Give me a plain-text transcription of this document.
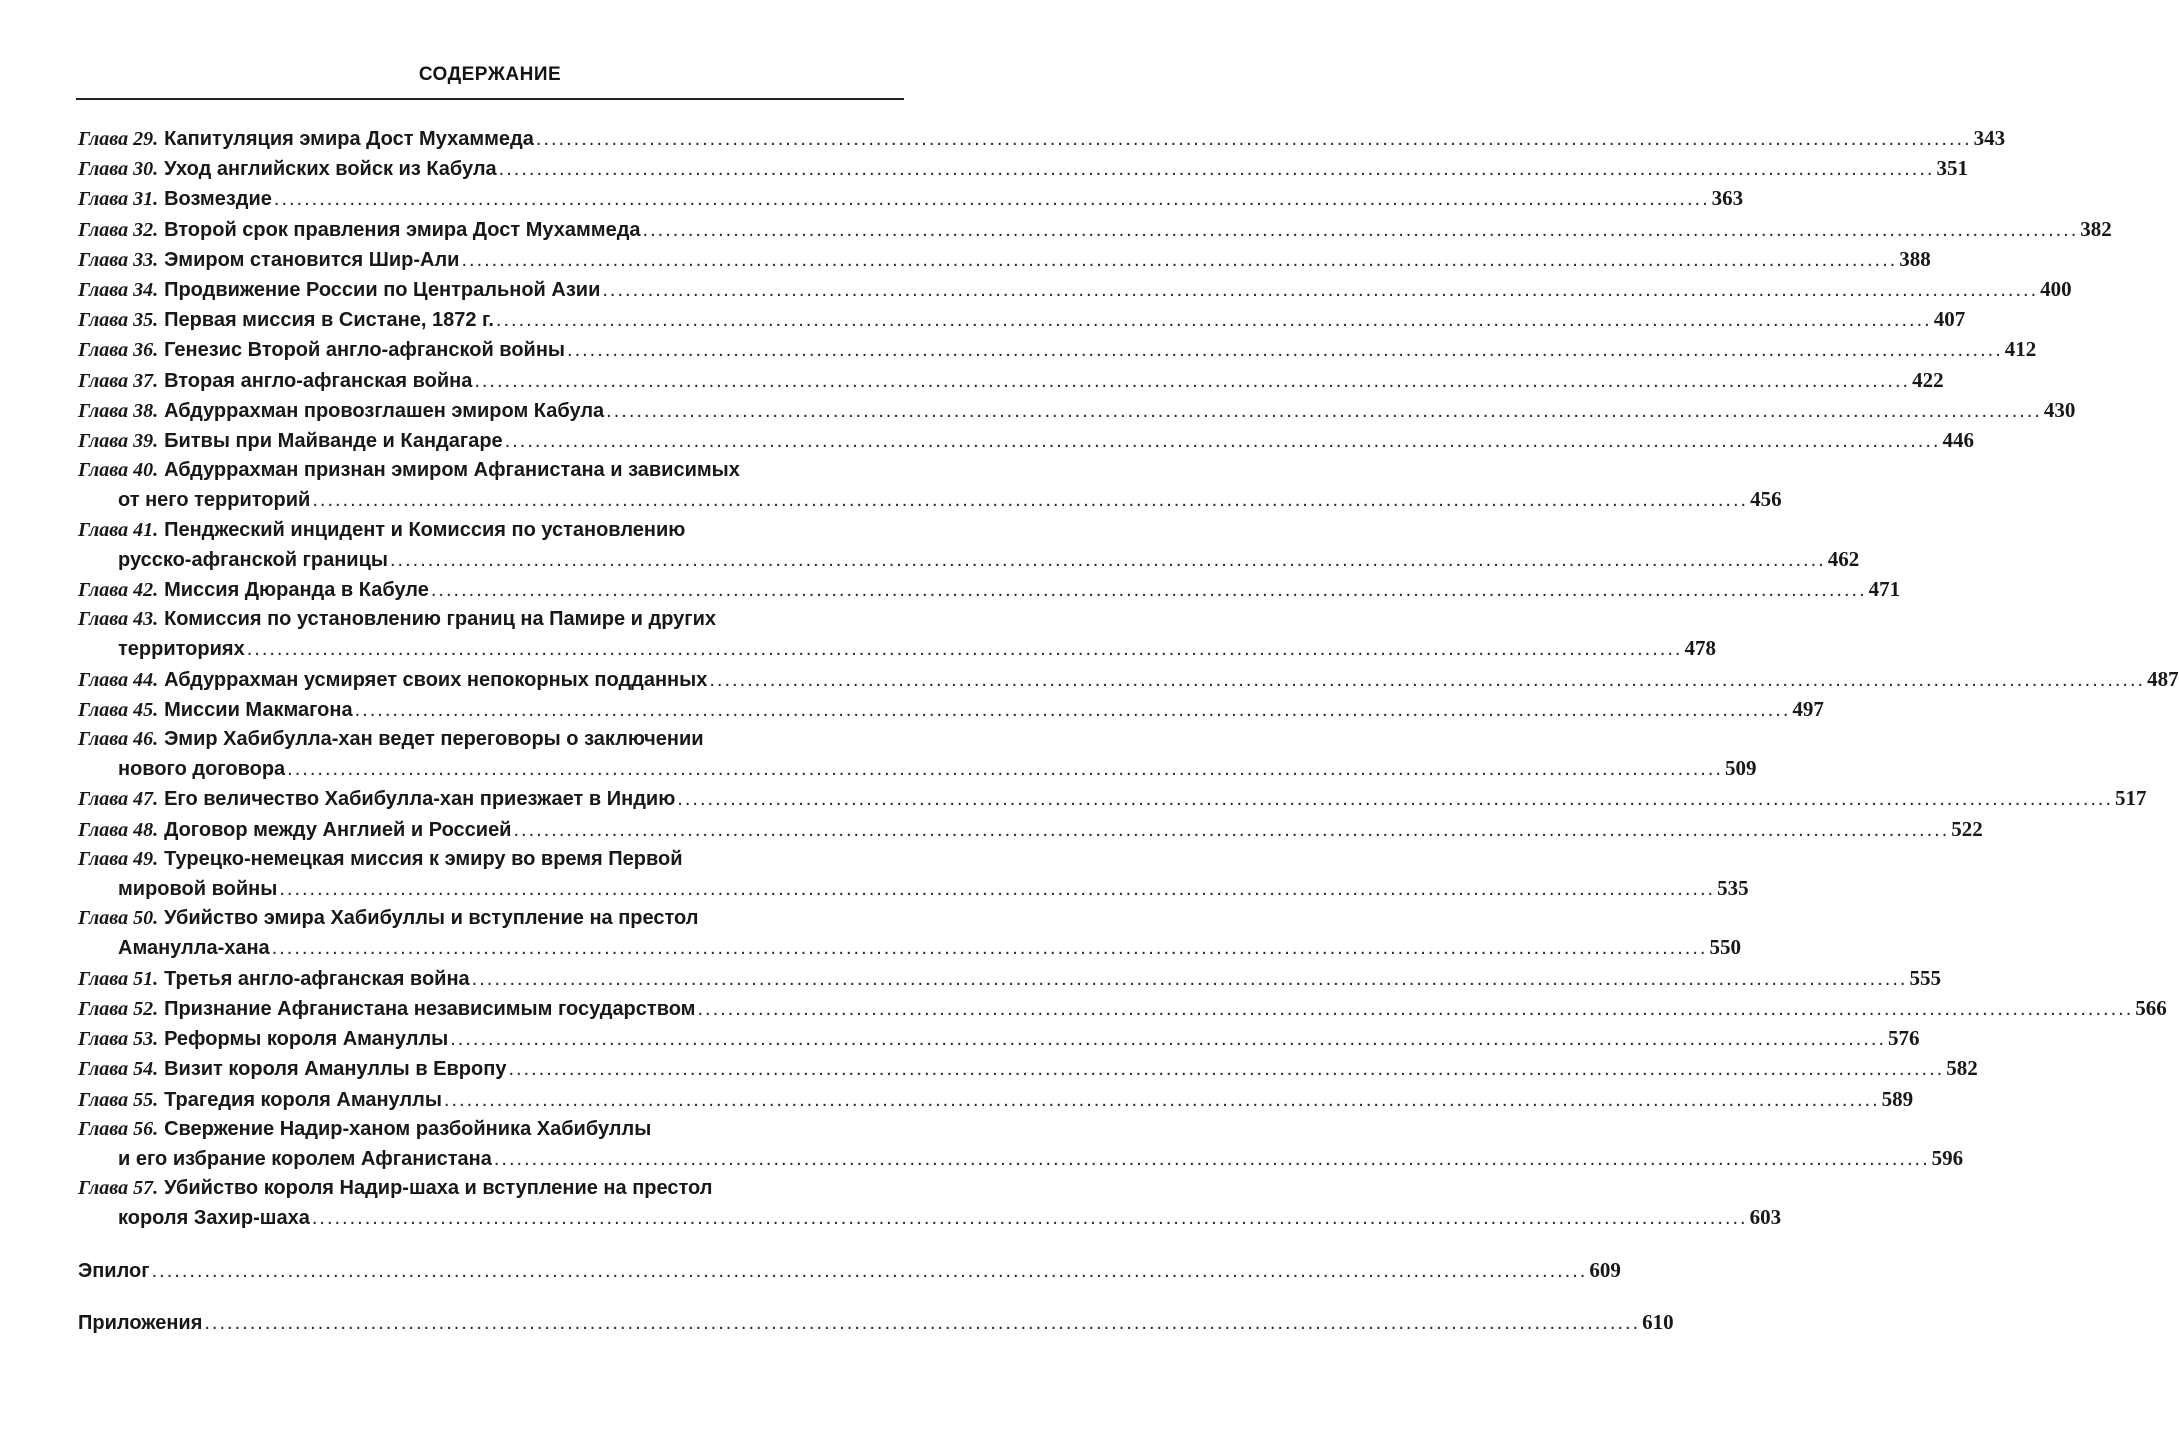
СОДЕРЖАНИЕ
Глава 29. Капитуляция эмира Дост Мухаммеда .....	343
Глава 30. Уход английских войск из Кабула .....	351
Глава 31. Возмездие .....	363
Глава 32. Второй срок правления эмира Дост Мухаммеда .....	382
Глава 33. Эмиром становится Шир-Али .....	388
Глава 34. Продвижение России по Центральной Азии .....	400
Глава 35. Первая миссия в Систане, 1872 г. .....	407
Глава 36. Генезис Второй англо-афганской войны .....	412
Глава 37. Вторая англо-афганская война .....	422
Глава 38. Абдуррахман провозглашен эмиром Кабула .....	430
Глава 39. Битвы при Майванде и Кандагаре .....	446
Глава 40. Абдуррахман признан эмиром Афганистана и зависимых
от него территорий .....	456
Глава 41. Пенджеский инцидент и Комиссия по установлению
русско-афганской границы .....	462
Глава 42. Миссия Дюранда в Кабуле .....	471
Глава 43. Комиссия по установлению границ на Памире и других
территориях .....	478
Глава 44. Абдуррахман усмиряет своих непокорных подданных .....	487
Глава 45. Миссии Макмагона .....	497
Глава 46. Эмир Хабибулла-хан ведет переговоры о заключении
нового договора .....	509
Глава 47. Его величество Хабибулла-хан приезжает в Индию .....	517
Глава 48. Договор между Англией и Россией .....	522
Глава 49. Турецко-немецкая миссия к эмиру во время Первой
мировой войны .....	535
Глава 50. Убийство эмира Хабибуллы и вступление на престол
Аманулла-хана .....	550
Глава 51. Третья англо-афганская война .....	555
Глава 52. Признание Афганистана независимым государством .....	566
Глава 53. Реформы короля Амануллы .....	576
Глава 54. Визит короля Амануллы в Европу .....	582
Глава 55. Трагедия короля Амануллы .....	589
Глава 56. Свержение Надир-ханом разбойника Хабибуллы
и его избрание королем Афганистана .....	596
Глава 57. Убийство короля Надир-шаха и вступление на престол
короля Захир-шаха .....	603
Эпилог .....	609
Приложения .....	610
